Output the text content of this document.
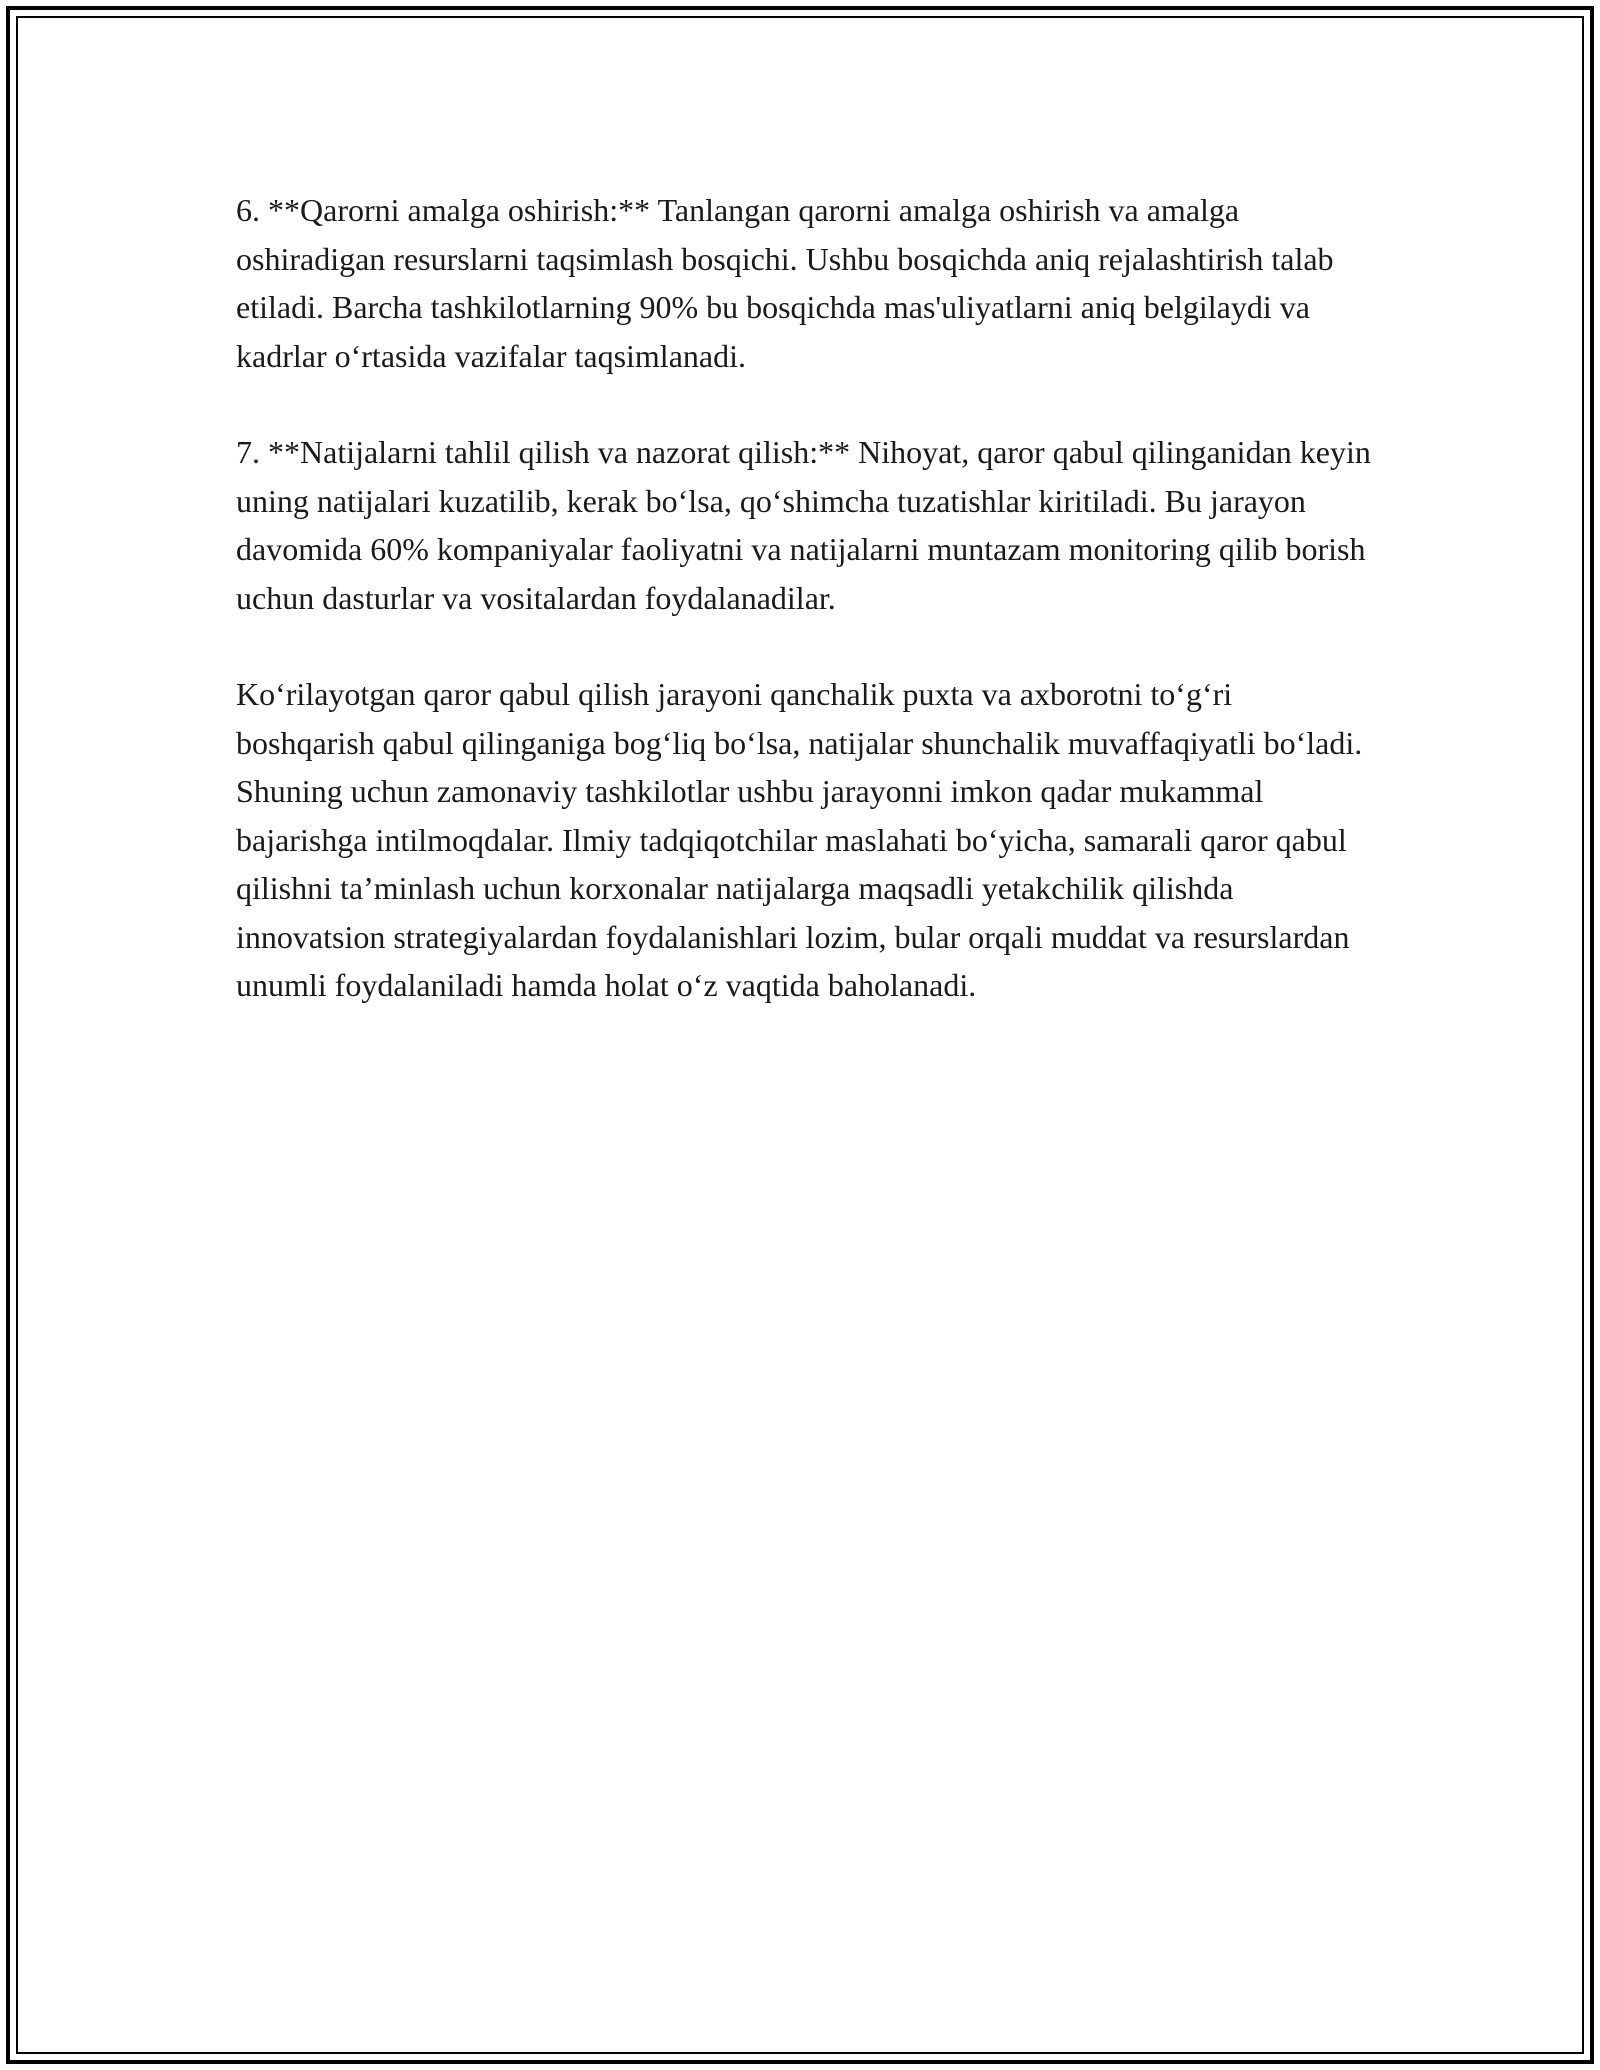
6. **Qarorni amalga oshirish:** Tanlangan qarorni amalga oshirish va amalga oshiradigan resurslarni taqsimlash bosqichi. Ushbu bosqichda aniq rejalashtirish talab etiladi. Barcha tashkilotlarning 90% bu bosqichda mas'uliyatlarni aniq belgilaydi va kadrlar o‘rtasida vazifalar taqsimlanadi.

7. **Natijalarni tahlil qilish va nazorat qilish:** Nihoyat, qaror qabul qilinganidan keyin uning natijalari kuzatilib, kerak bo‘lsa, qo‘shimcha tuzatishlar kiritiladi. Bu jarayon davomida 60% kompaniyalar faoliyatni va natijalarni muntazam monitoring qilib borish uchun dasturlar va vositalardan foydalanadilar.

Ko‘rilayotgan qaror qabul qilish jarayoni qanchalik puxta va axborotni to‘g‘ri boshqarish qabul qilinganiga bog‘liq bo‘lsa, natijalar shunchalik muvaffaqiyatli bo‘ladi. Shuning uchun zamonaviy tashkilotlar ushbu jarayonni imkon qadar mukammal bajarishga intilmoqdalar. Ilmiy tadqiqotchilar maslahati bo‘yicha, samarali qaror qabul qilishni ta’minlash uchun korxonalar natijalarga maqsadli yetakchilik qilishda innovatsion strategiyalardan foydalanishlari lozim, bular orqali muddat va resurslardan unumli foydalaniladi hamda holat o‘z vaqtida baholanadi.
